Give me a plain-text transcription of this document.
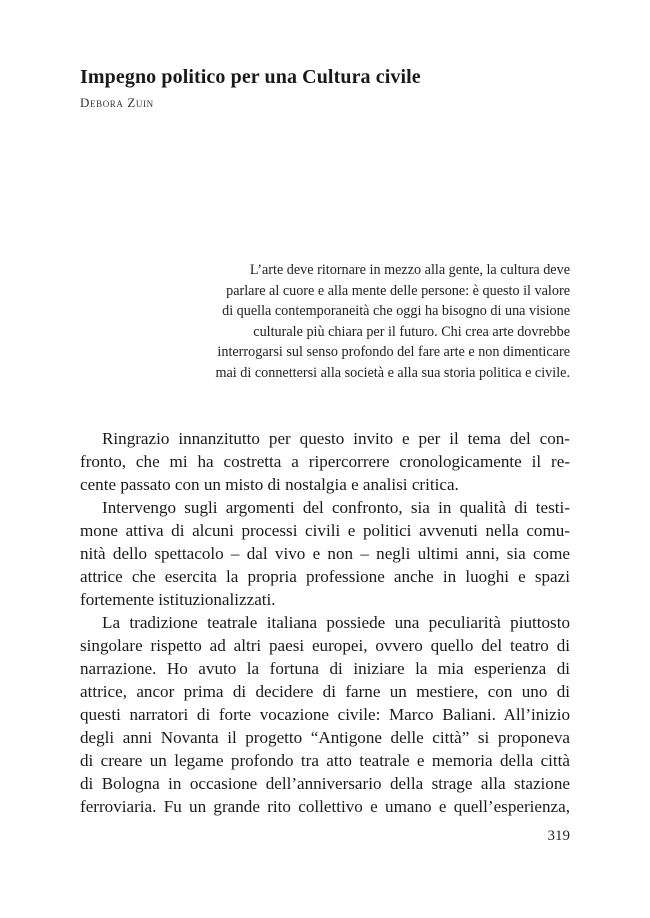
Impegno politico per una Cultura civile

Debora Zuin

L’arte deve ritornare in mezzo alla gente, la cultura deve
parlare al cuore e alla mente delle persone: è questo il valore
di quella contemporaneità che oggi ha bisogno di una visione
culturale più chiara per il futuro. Chi crea arte dovrebbe
interrogarsi sul senso profondo del fare arte e non dimenticare
mai di connettersi alla società e alla sua storia politica e civile.
Ringrazio innanzitutto per questo invito e per il tema del con-
fronto, che mi ha costretta a ripercorrere cronologicamente il re-
cente passato con un misto di nostalgia e analisi critica.
Intervengo sugli argomenti del confronto, sia in qualità di testi-
mone attiva di alcuni processi civili e politici avvenuti nella comu-
nità dello spettacolo – dal vivo e non – negli ultimi anni, sia come
attrice che esercita la propria professione anche in luoghi e spazi
fortemente istituzionalizzati.
La tradizione teatrale italiana possiede una peculiarità piuttosto
singolare rispetto ad altri paesi europei, ovvero quello del teatro di
narrazione. Ho avuto la fortuna di iniziare la mia esperienza di
attrice, ancor prima di decidere di farne un mestiere, con uno di
questi narratori di forte vocazione civile: Marco Baliani. All’inizio
degli anni Novanta il progetto “Antigone delle città” si proponeva
di creare un legame profondo tra atto teatrale e memoria della città
di Bologna in occasione dell’anniversario della strage alla stazione
ferroviaria. Fu un grande rito collettivo e umano e quell’esperienza,
319
